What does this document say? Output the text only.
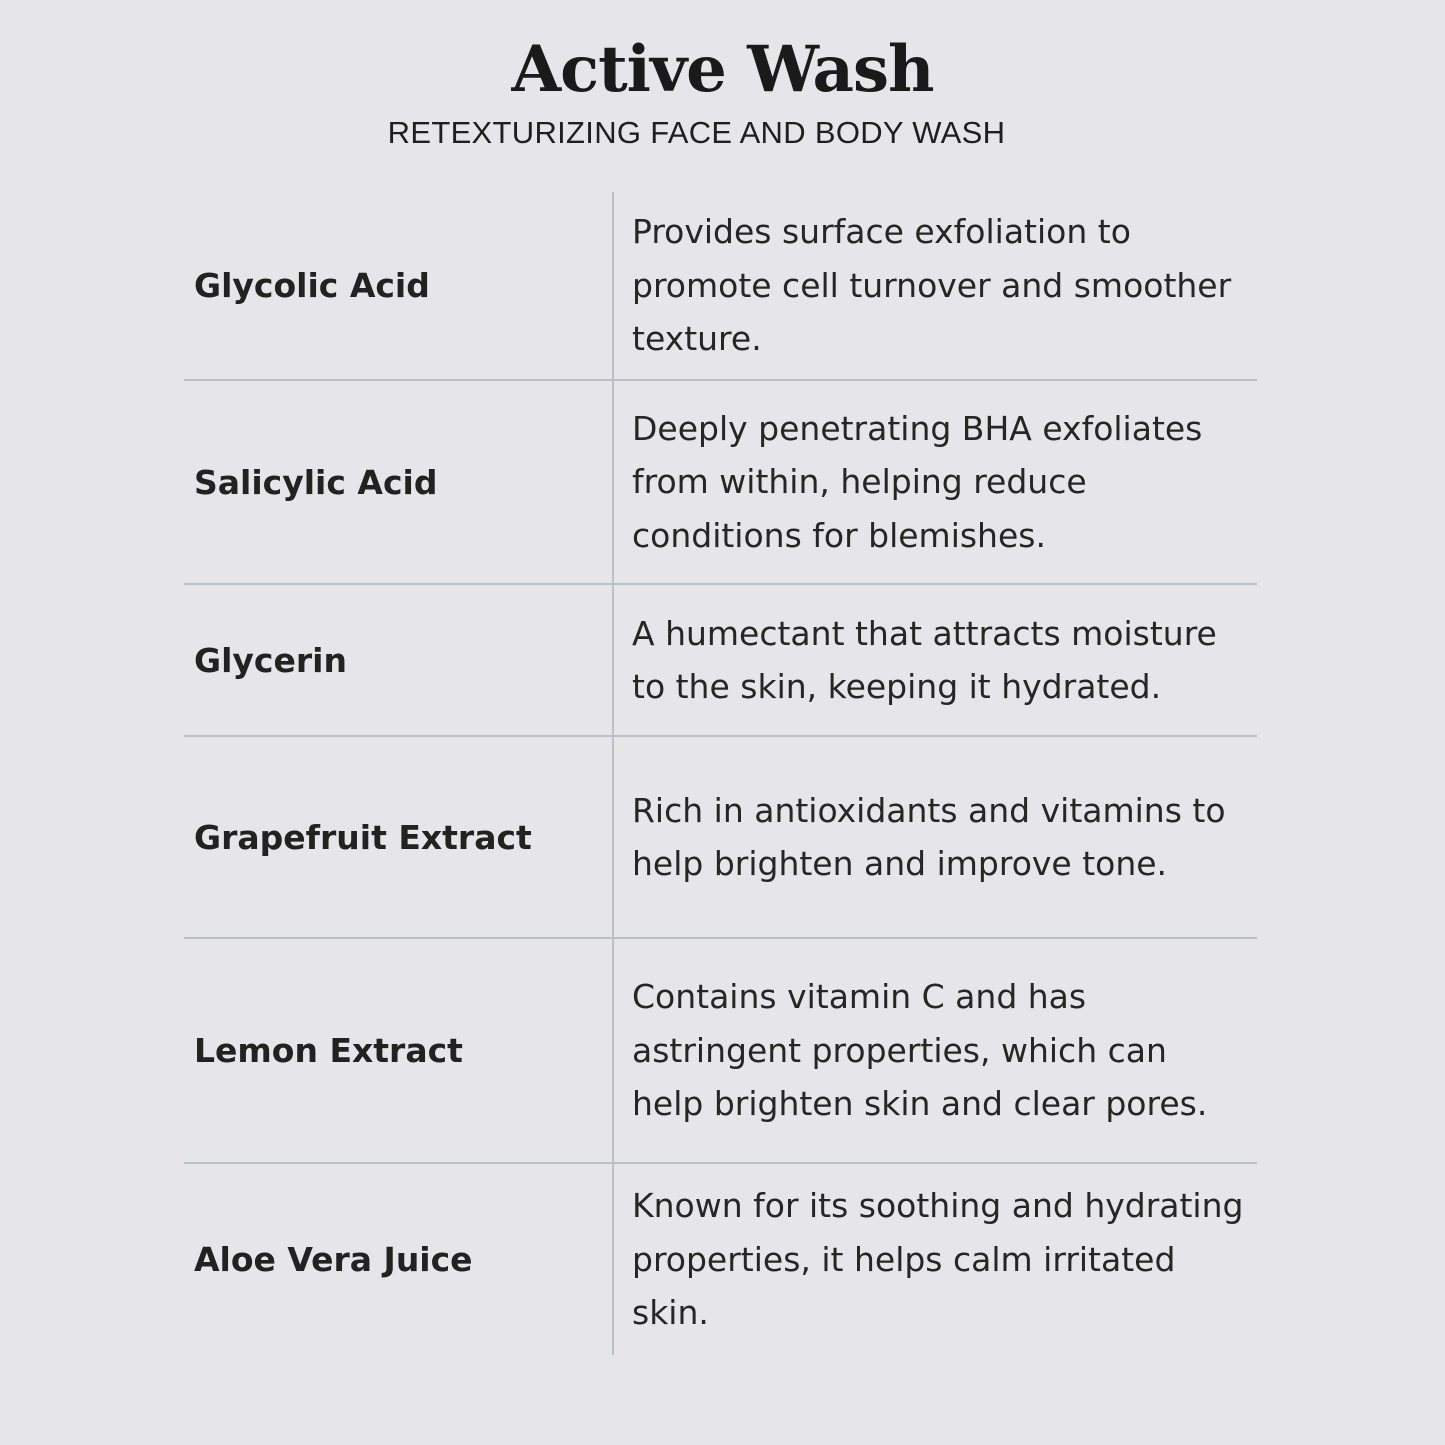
Active Wash
RETEXTURIZING FACE AND BODY WASH
Glycolic Acid
Provides surface exfoliation to promote cell turnover and smoother texture.
Salicylic Acid
Deeply penetrating BHA exfoliates from within, helping reduce conditions for blemishes.
Glycerin
A humectant that attracts moisture to the skin, keeping it hydrated.
Grapefruit Extract
Rich in antioxidants and vitamins to help brighten and improve tone.
Lemon Extract
Contains vitamin C and has astringent properties, which can help brighten skin and clear pores.
Aloe Vera Juice
Known for its soothing and hydrating properties, it helps calm irritated skin.
